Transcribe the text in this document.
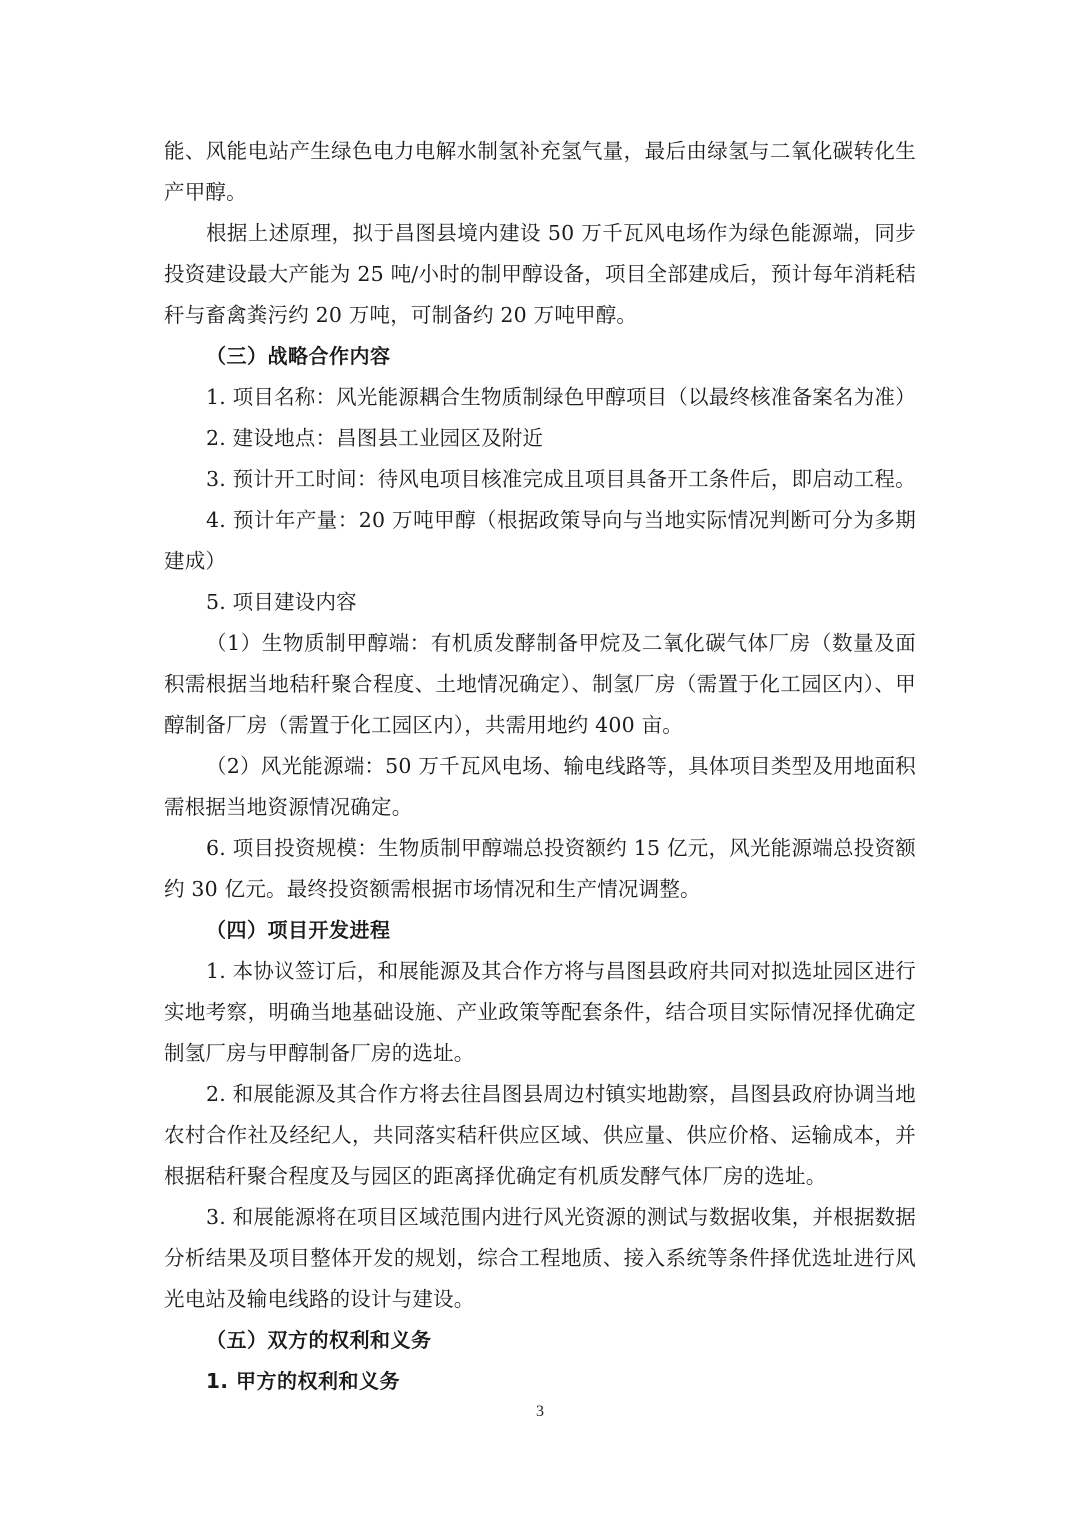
能、风能电站产生绿色电力电解水制氢补充氢气量，最后由绿氢与二氧化碳转化生产甲醇。

根据上述原理，拟于昌图县境内建设 50 万千瓦风电场作为绿色能源端，同步投资建设最大产能为 25 吨/小时的制甲醇设备，项目全部建成后，预计每年消耗秸秆与畜禽粪污约 20 万吨，可制备约 20 万吨甲醇。

（三）战略合作内容

1. 项目名称：风光能源耦合生物质制绿色甲醇项目（以最终核准备案名为准）

2. 建设地点：昌图县工业园区及附近

3. 预计开工时间：待风电项目核准完成且项目具备开工条件后，即启动工程。

4. 预计年产量：20 万吨甲醇（根据政策导向与当地实际情况判断可分为多期建成）

5. 项目建设内容

（1）生物质制甲醇端：有机质发酵制备甲烷及二氧化碳气体厂房（数量及面积需根据当地秸秆聚合程度、土地情况确定）、制氢厂房（需置于化工园区内）、甲醇制备厂房（需置于化工园区内），共需用地约 400 亩。

（2）风光能源端：50 万千瓦风电场、输电线路等，具体项目类型及用地面积需根据当地资源情况确定。

6. 项目投资规模：生物质制甲醇端总投资额约 15 亿元，风光能源端总投资额约 30 亿元。最终投资额需根据市场情况和生产情况调整。

（四）项目开发进程

1. 本协议签订后，和展能源及其合作方将与昌图县政府共同对拟选址园区进行实地考察，明确当地基础设施、产业政策等配套条件，结合项目实际情况择优确定制氢厂房与甲醇制备厂房的选址。

2. 和展能源及其合作方将去往昌图县周边村镇实地勘察，昌图县政府协调当地农村合作社及经纪人，共同落实秸秆供应区域、供应量、供应价格、运输成本，并根据秸秆聚合程度及与园区的距离择优确定有机质发酵气体厂房的选址。

3. 和展能源将在项目区域范围内进行风光资源的测试与数据收集，并根据数据分析结果及项目整体开发的规划，综合工程地质、接入系统等条件择优选址进行风光电站及输电线路的设计与建设。

（五）双方的权利和义务

1. 甲方的权利和义务

3
